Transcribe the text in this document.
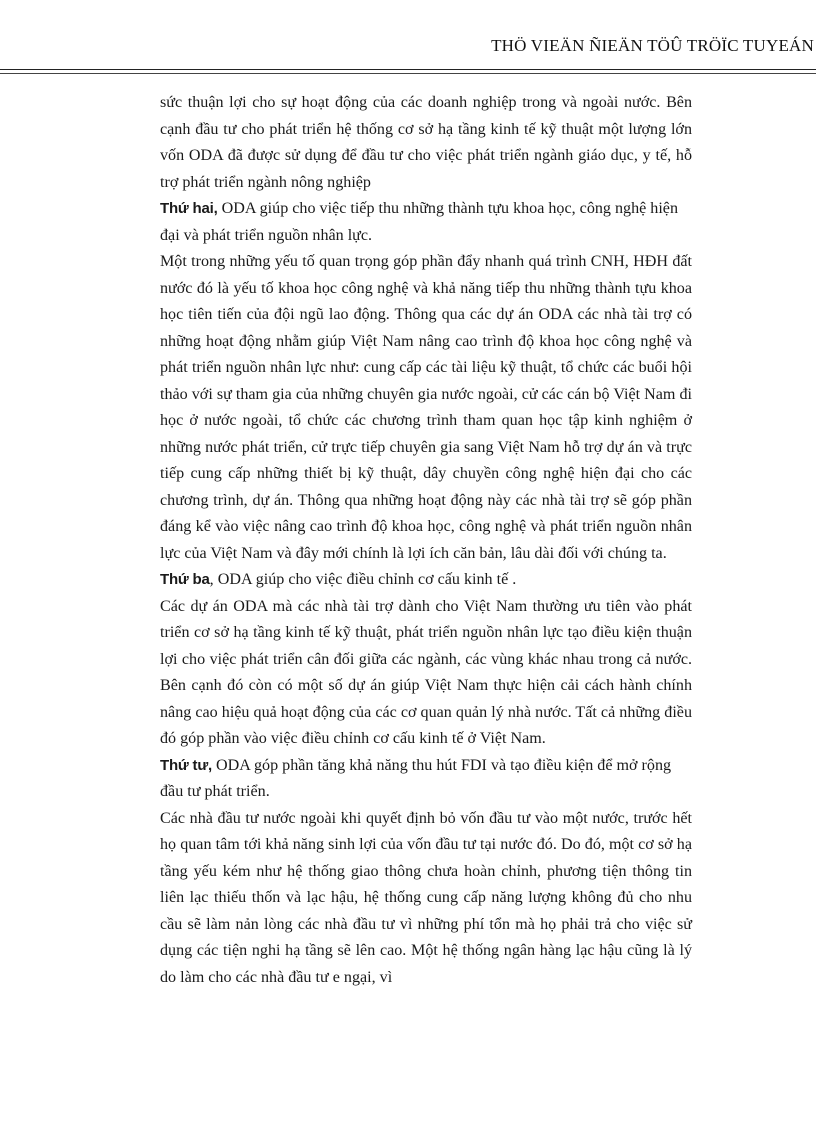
THÖ VIEÄN ÑIEÄN TÖÛ TRÖÏC TUYEÁN

sức thuận lợi cho sự hoạt động của các doanh nghiệp trong và ngoài nước. Bên cạnh đầu tư cho phát triển hệ thống cơ sở hạ tầng kinh tế kỹ thuật một lượng lớn vốn ODA đã được sử dụng để đầu tư cho việc phát triển ngành giáo dục, y tế, hỗ trợ phát triển ngành nông nghiệp

Thứ hai, ODA giúp cho việc tiếp thu những thành tựu khoa học, công nghệ hiện đại và phát triển nguồn nhân lực.

Một trong những yếu tố quan trọng góp phần đẩy nhanh quá trình CNH, HĐH đất nước đó là yếu tố khoa học công nghệ và khả năng tiếp thu những thành tựu khoa học tiên tiến của đội ngũ lao động. Thông qua các dự án ODA các nhà tài trợ có những hoạt động nhằm giúp Việt Nam nâng cao trình độ khoa học công nghệ và phát triển nguồn nhân lực như: cung cấp các tài liệu kỹ thuật, tổ chức các buổi hội thảo với sự tham gia của những chuyên gia nước ngoài, cử các cán bộ Việt Nam đi học ở nước ngoài, tổ chức các chương trình tham quan học tập kinh nghiệm ở những nước phát triển, cử trực tiếp chuyên gia sang Việt Nam hỗ trợ dự án và trực tiếp cung cấp những thiết bị kỹ thuật, dây chuyền công nghệ hiện đại cho các chương trình, dự án. Thông qua những hoạt động này các nhà tài trợ sẽ góp phần đáng kể vào việc nâng cao trình độ khoa học, công nghệ và phát triển nguồn nhân lực của Việt Nam và đây mới chính là lợi ích căn bản, lâu dài đối với chúng ta.

Thứ ba, ODA giúp cho việc điều chỉnh cơ cấu kinh tế .

Các dự án ODA mà các nhà tài trợ dành cho Việt Nam thường ưu tiên vào phát triển cơ sở hạ tầng kinh tế kỹ thuật, phát triển nguồn nhân lực tạo điều kiện thuận lợi cho việc phát triển cân đối giữa các ngành, các vùng khác nhau trong cả nước. Bên cạnh đó còn có một số dự án giúp Việt Nam thực hiện cải cách hành chính nâng cao hiệu quả hoạt động của các cơ quan quản lý nhà nước. Tất cả những điều đó góp phần vào việc điều chỉnh cơ cấu kinh tế ở Việt Nam.

Thứ tư, ODA góp phần tăng khả năng thu hút FDI và tạo điều kiện để mở rộng đầu tư phát triển.

Các nhà đầu tư nước ngoài khi quyết định bỏ vốn đầu tư vào một nước, trước hết họ quan tâm tới khả năng sinh lợi của vốn đầu tư tại nước đó. Do đó, một cơ sở hạ tầng yếu kém như hệ thống giao thông chưa hoàn chỉnh, phương tiện thông tin liên lạc thiếu thốn và lạc hậu, hệ thống cung cấp năng lượng không đủ cho nhu cầu sẽ làm nản lòng các nhà đầu tư vì những phí tổn mà họ phải trả cho việc sử dụng các tiện nghi hạ tầng sẽ lên cao. Một hệ thống ngân hàng lạc hậu cũng là lý do làm cho các nhà đầu tư e ngại, vì
